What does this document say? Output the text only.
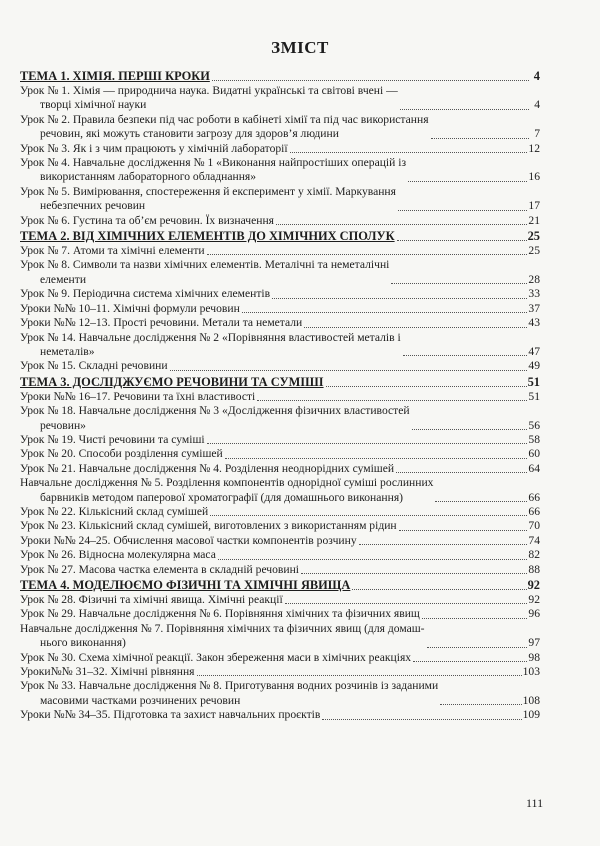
ЗМІСТ
ТЕМА 1. ХІМІЯ. ПЕРШІ КРОКИ	4
Урок № 1. Хімія — природнича наука. Видатні українські та світові вчені —
творці хімічної науки	4
Урок № 2. Правила безпеки під час роботи в кабінеті хімії та під час використання
речовин, які можуть становити загрозу для здоров’я людини	7
Урок № 3. Як і з чим працюють у хімічній лабораторії	12
Урок № 4. Навчальне дослідження № 1 «Виконання найпростіших операцій із
використанням лабораторного обладнання»	16
Урок № 5. Вимірювання, спостереження й експеримент у хімії. Маркування
небезпечних речовин	17
Урок № 6. Густина та об’єм речовин. Їх визначення	21
ТЕМА 2. ВІД ХІМІЧНИХ ЕЛЕМЕНТІВ ДО ХІМІЧНИХ СПОЛУК	25
Урок № 7. Атоми та хімічні елементи	25
Урок № 8. Символи та назви хімічних елементів. Металічні та неметалічні
елементи	28
Урок № 9. Періодична система хімічних елементів	33
Уроки №№ 10–11. Хімічні формули речовин	37
Уроки №№ 12–13. Прості речовини. Метали та неметали	43
Урок № 14. Навчальне дослідження № 2 «Порівняння властивостей металів і
неметалів»	47
Урок № 15. Складні речовини	49
ТЕМА 3. ДОСЛІДЖУЄМО РЕЧОВИНИ ТА СУМІШІ	51
Уроки №№ 16–17. Речовини та їхні властивості	51
Урок № 18. Навчальне дослідження № 3 «Дослідження фізичних властивостей
речовин»	56
Урок № 19. Чисті речовини та суміші	58
Урок № 20. Способи розділення сумішей	60
Урок № 21. Навчальне дослідження № 4. Розділення неоднорідних сумішей	64
Навчальне дослідження № 5. Розділення компонентів однорідної суміші рослинних
барвників методом паперової хроматографії (для домашнього виконання)	66
Урок № 22. Кількісний склад сумішей	66
Урок № 23. Кількісний склад сумішей, виготовлених з використанням рідин	70
Уроки №№ 24–25. Обчислення масової частки компонентів розчину	74
Урок № 26. Відносна молекулярна маса	82
Урок № 27. Масова частка елемента в складній речовині	88
ТЕМА 4. МОДЕЛЮЄМО ФІЗИЧНІ ТА ХІМІЧНІ ЯВИЩА	92
Урок № 28. Фізичні та хімічні явища. Хімічні реакції	92
Урок № 29. Навчальне дослідження № 6. Порівняння хімічних та фізичних явищ	96
Навчальне дослідження № 7. Порівняння хімічних та фізичних явищ (для домаш-
нього виконання)	97
Урок № 30. Схема хімічної реакції. Закон збереження маси в хімічних реакціях	98
Уроки№№ 31–32. Хімічні рівняння	103
Урок № 33. Навчальне дослідження № 8. Приготування водних розчинів із заданими
масовими частками розчинених речовин	108
Уроки №№ 34–35. Підготовка та захист навчальних проєктів	109
111
